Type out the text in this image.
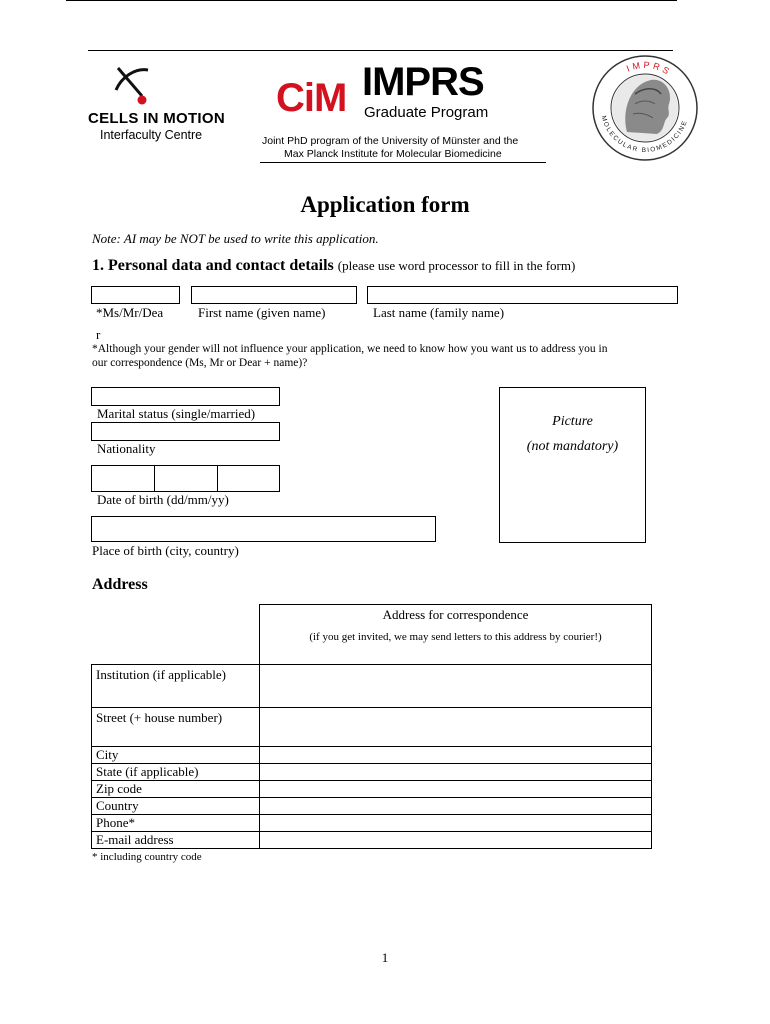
CELLS IN MOTION
Interfaculty Centre
CiM IMPRS
Graduate Program
Joint PhD program of the University of Münster and the
Max Planck Institute for Molecular Biomedicine
IMPRS
MOLECULAR BIOMEDICINE
Application form
Note: AI may be NOT be used to write this application.
1. Personal data and contact details (please use word processor to fill in the form)
*Ms/Mr/Dea
r
First name (given name)	Last name (family name)
*Although your gender will not influence your application, we need to know how you want us to address you in
our correspondence (Ms, Mr or Dear + name)?
Marital status (single/married)
Nationality
Date of birth (dd/mm/yy)
Place of birth (city, country)
Picture
(not mandatory)
Address

	Address for correspondence
(if you get invited, we may send letters to this address by courier!)

Institution (if applicable)	
Street (+ house number)	
City	
State (if applicable)	
Zip code	
Country	
Phone*	
E-mail address	
* including country code
1
